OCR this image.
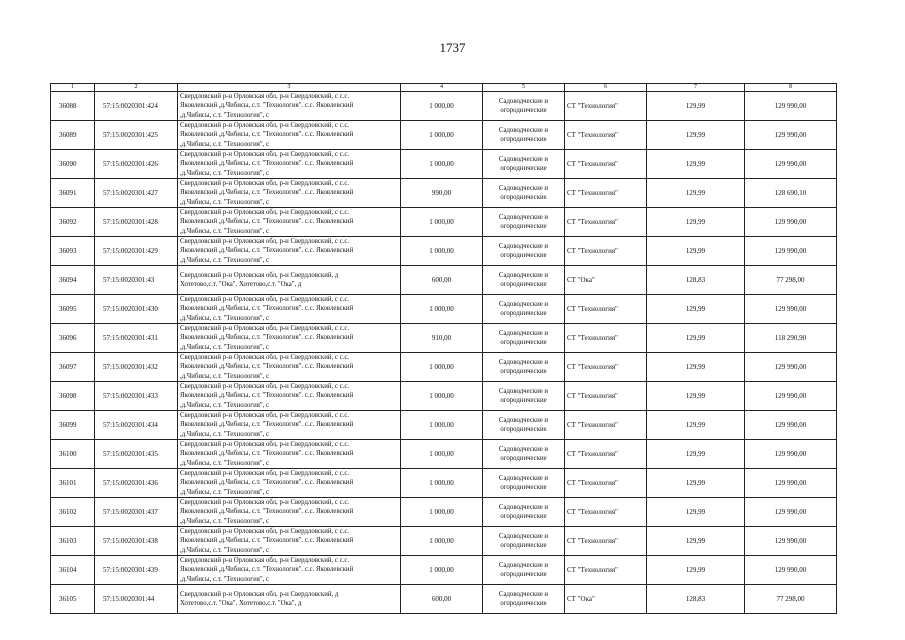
1737
1	2	3	4	5	6	7	8
36088	57:15:0020301:424	Свердловский р-н Орловская обл, р-н Свердловский, с с.с.
Яковлевский ,д.Чибисы, с.т. "Технология". с.с. Яковлевский
,д.Чибисы, с.т. "Технология", с	1 000,00	Садоводческие и
огороднические	СТ "Технология"	129,99	129 990,00
36089	57:15:0020301:425	Свердловский р-н Орловская обл, р-н Свердловский, с с.с.
Яковлевский ,д.Чибисы, с.т. "Технология". с.с. Яковлевский
,д.Чибисы, с.т. "Технология", с	1 000,00	Садоводческие и
огороднические	СТ "Технология"	129,99	129 990,00
36090	57:15:0020301:426	Свердловский р-н Орловская обл, р-н Свердловский, с с.с.
Яковлевский ,д.Чибисы, с.т. "Технология". с.с. Яковлевский
,д.Чибисы, с.т. "Технология", с	1 000,00	Садоводческие и
огороднические	СТ "Технология"	129,99	129 990,00
36091	57:15:0020301:427	Свердловский р-н Орловская обл, р-н Свердловский, с с.с.
Яковлевский ,д.Чибисы, с.т. "Технология". с.с. Яковлевский
,д.Чибисы, с.т. "Технология", с	990,00	Садоводческие и
огороднические	СТ "Технология"	129,99	128 690,10
36092	57:15:0020301:428	Свердловский р-н Орловская обл, р-н Свердловский, с с.с.
Яковлевский ,д.Чибисы, с.т. "Технология". с.с. Яковлевский
,д.Чибисы, с.т. "Технология", с	1 000,00	Садоводческие и
огороднические	СТ "Технология"	129,99	129 990,00
36093	57:15:0020301:429	Свердловский р-н Орловская обл, р-н Свердловский, с с.с.
Яковлевский ,д.Чибисы, с.т. "Технология". с.с. Яковлевский
,д.Чибисы, с.т. "Технология", с	1 000,00	Садоводческие и
огороднические	СТ "Технология"	129,99	129 990,00
36094	57:15:0020301:43	Свердловский р-н Орловская обл, р-н Свердловский, д
Хотетово,с.т. "Ока". Хотетово,с.т. "Ока", д	600,00	Садоводческие и
огороднические	СТ "Ока"	128,83	77 298,00
36095	57:15:0020301:430	Свердловский р-н Орловская обл, р-н Свердловский, с с.с.
Яковлевский ,д.Чибисы, с.т. "Технология". с.с. Яковлевский
,д.Чибисы, с.т. "Технология", с	1 000,00	Садоводческие и
огороднические	СТ "Технология"	129,99	129 990,00
36096	57:15:0020301:431	Свердловский р-н Орловская обл, р-н Свердловский, с с.с.
Яковлевский ,д.Чибисы, с.т. "Технология". с.с. Яковлевский
,д.Чибисы, с.т. "Технология", с	910,00	Садоводческие и
огороднические	СТ "Технология"	129,99	118 290,90
36097	57:15:0020301:432	Свердловский р-н Орловская обл, р-н Свердловский, с с.с.
Яковлевский ,д.Чибисы, с.т. "Технология". с.с. Яковлевский
,д.Чибисы, с.т. "Технология", с	1 000,00	Садоводческие и
огороднические	СТ "Технология"	129,99	129 990,00
36098	57:15:0020301:433	Свердловский р-н Орловская обл, р-н Свердловский, с с.с.
Яковлевский ,д.Чибисы, с.т. "Технология". с.с. Яковлевский
,д.Чибисы, с.т. "Технология", с	1 000,00	Садоводческие и
огороднические	СТ "Технология"	129,99	129 990,00
36099	57:15:0020301:434	Свердловский р-н Орловская обл, р-н Свердловский, с с.с.
Яковлевский ,д.Чибисы, с.т. "Технология". с.с. Яковлевский
,д.Чибисы, с.т. "Технология", с	1 000,00	Садоводческие и
огороднические	СТ "Технология"	129,99	129 990,00
36100	57:15:0020301:435	Свердловский р-н Орловская обл, р-н Свердловский, с с.с.
Яковлевский ,д.Чибисы, с.т. "Технология". с.с. Яковлевский
,д.Чибисы, с.т. "Технология", с	1 000,00	Садоводческие и
огороднические	СТ "Технология"	129,99	129 990,00
36101	57:15:0020301:436	Свердловский р-н Орловская обл, р-н Свердловский, с с.с.
Яковлевский ,д.Чибисы, с.т. "Технология". с.с. Яковлевский
,д.Чибисы, с.т. "Технология", с	1 000,00	Садоводческие и
огороднические	СТ "Технология"	129,99	129 990,00
36102	57:15:0020301:437	Свердловский р-н Орловская обл, р-н Свердловский, с с.с.
Яковлевский ,д.Чибисы, с.т. "Технология". с.с. Яковлевский
,д.Чибисы, с.т. "Технология", с	1 000,00	Садоводческие и
огороднические	СТ "Технология"	129,99	129 990,00
36103	57:15:0020301:438	Свердловский р-н Орловская обл, р-н Свердловский, с с.с.
Яковлевский ,д.Чибисы, с.т. "Технология". с.с. Яковлевский
,д.Чибисы, с.т. "Технология", с	1 000,00	Садоводческие и
огороднические	СТ "Технология"	129,99	129 990,00
36104	57:15:0020301:439	Свердловский р-н Орловская обл, р-н Свердловский, с с.с.
Яковлевский ,д.Чибисы, с.т. "Технология". с.с. Яковлевский
,д.Чибисы, с.т. "Технология", с	1 000,00	Садоводческие и
огороднические	СТ "Технология"	129,99	129 990,00
36105	57:15:0020301:44	Свердловский р-н Орловская обл, р-н Свердловский, д
Хотетово,с.т. "Ока". Хотетово,с.т. "Ока", д	600,00	Садоводческие и
огороднические	СТ "Ока"	128,83	77 298,00
